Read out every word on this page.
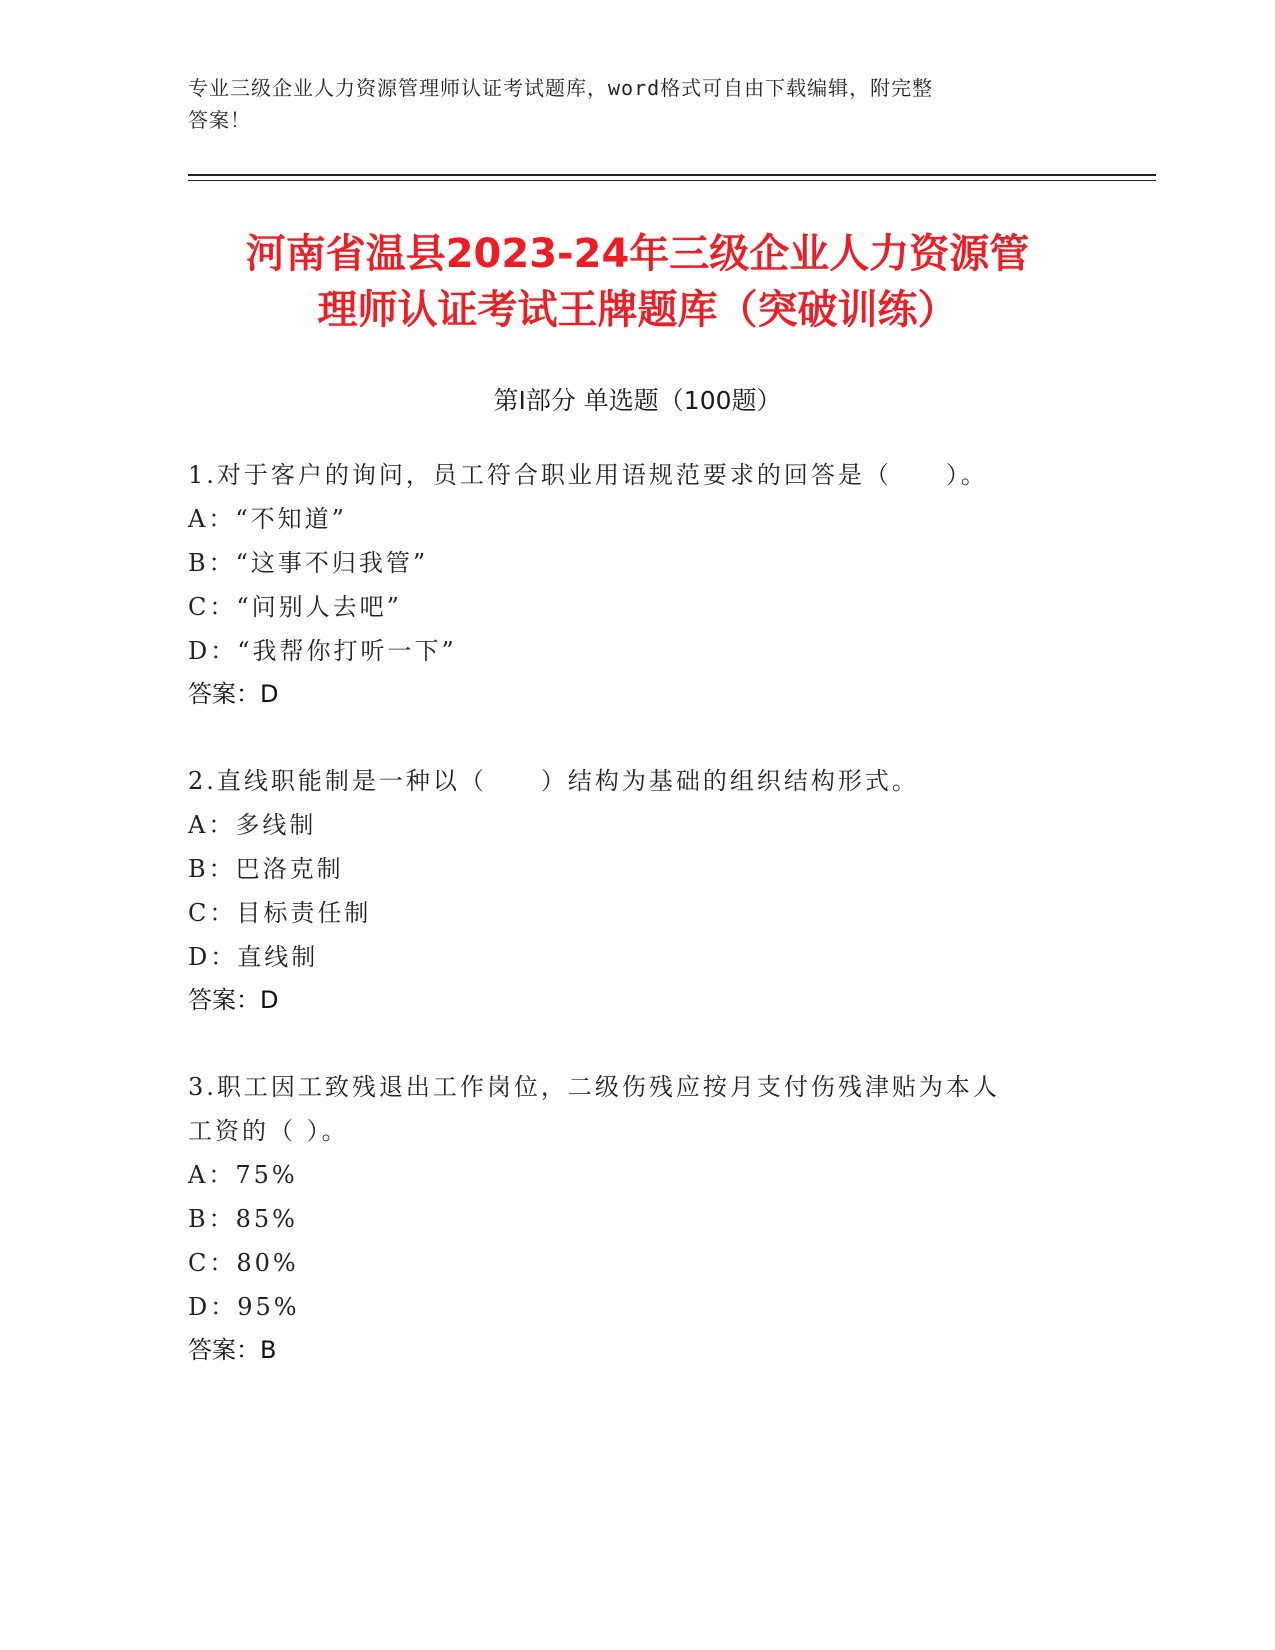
专业三级企业人力资源管理师认证考试题库，word格式可自由下载编辑，附完整
答案！
河南省温县2023-24年三级企业人力资源管
理师认证考试王牌题库（突破训练）
第Ⅰ部分 单选题（100题）
1.对于客户的询问，员工符合职业用语规范要求的回答是（　　）。
A：“不知道”
B：“这事不归我管”
C：“问别人去吧”
D：“我帮你打听一下”
答案：D
2.直线职能制是一种以（　　）结构为基础的组织结构形式。
A：多线制
B：巴洛克制
C：目标责任制
D：直线制
答案：D
3.职工因工致残退出工作岗位，二级伤残应按月支付伤残津贴为本人
工资的（ ）。
A：75%
B：85%
C：80%
D：95%
答案：B
